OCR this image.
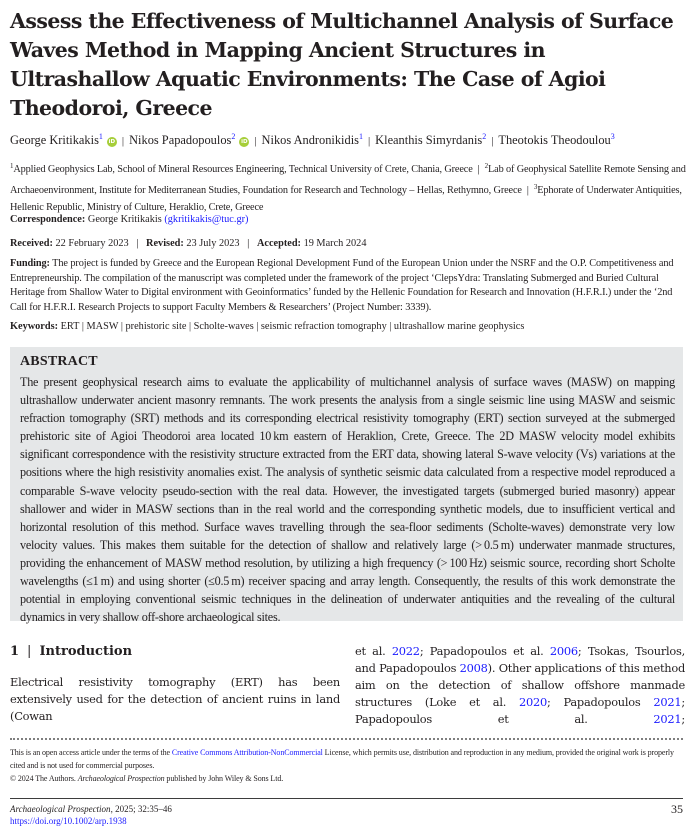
Assess the Effectiveness of Multichannel Analysis of Surface Waves Method in Mapping Ancient Structures in Ultrashallow Aquatic Environments: The Case of Agioi Theodoroi, Greece
George Kritikakis$^1$iD | Nikos Papadopoulos$^2$iD | Nikos Andronikidis$^1$ | Kleanthis Simyrdanis$^2$ | Theotokis Theodoulou$^3$
$^1$Applied Geophysics Lab, School of Mineral Resources Engineering, Technical University of Crete, Chania, Greece | $^2$Lab of Geophysical Satellite Remote Sensing and Archaeoenvironment, Institute for Mediterranean Studies, Foundation for Research and Technology – Hellas, Rethymno, Greece | $^3$Ephorate of Underwater Antiquities, Hellenic Republic, Ministry of Culture, Heraklio, Crete, Greece
Correspondence: George Kritikakis (gkritikakis@tuc.gr)
Received: 22 February 2023 | Revised: 23 July 2023 | Accepted: 19 March 2024
Funding: The project is funded by Greece and the European Regional Development Fund of the European Union under the NSRF and the O.P. Competitiveness and Entrepreneurship. The compilation of the manuscript was completed under the framework of the project ‘ClepsYdra: Translating Submerged and Buried Cultural Heritage from Shallow Water to Digital environment with Geoinformatics’ funded by the Hellenic Foundation for Research and Innovation (H.F.R.I.) under the ‘2nd Call for H.F.R.I. Research Projects to support Faculty Members & Researchers’ (Project Number: 3339).
Keywords: ERT | MASW | prehistoric site | Scholte-waves | seismic refraction tomography | ultrashallow marine geophysics
ABSTRACT
The present geophysical research aims to evaluate the applicability of multichannel analysis of surface waves (MASW) on mapping ultrashallow underwater ancient masonry remnants. The work presents the analysis from a single seismic line using MASW and seismic refraction tomography (SRT) methods and its corresponding electrical resistivity tomography (ERT) section surveyed at the submerged prehistoric site of Agioi Theodoroi area located 10 km eastern of Heraklion, Crete, Greece. The 2D MASW velocity model exhibits significant correspondence with the resistivity structure extracted from the ERT data, showing lateral S-wave velocity (Vs) variations at the positions where the high resistivity anomalies exist. The analysis of synthetic seismic data calculated from a respective model reproduced a comparable S-wave velocity pseudo-section with the real data. However, the investigated targets (submerged buried masonry) appear shallower and wider in MASW sections than in the real world and the corresponding synthetic models, due to insufficient vertical and horizontal resolution of this method. Surface waves travelling through the sea-floor sediments (Scholte-waves) demonstrate very low velocity values. This makes them suitable for the detection of shallow and relatively large (> 0.5 m) underwater manmade structures, providing the enhancement of MASW method resolution, by utilizing a high frequency (> 100 Hz) seismic source, recording short Scholte wavelengths (≤1 m) and using shorter (≤0.5 m) receiver spacing and array length. Consequently, the results of this work demonstrate the potential in employing conventional seismic techniques in the delineation of underwater antiquities and the revealing of the cultural dynamics in very shallow off-shore archaeological sites.
1 | Introduction
Electrical resistivity tomography (ERT) has been extensively used for the detection of ancient ruins in land (Cowan
et al. 2022; Papadopoulos et al. 2006; Tsokas, Tsourlos, and Papadopoulos 2008). Other applications of this method aim on the detection of shallow offshore manmade structures (Loke et al. 2020; Papadopoulos 2021; Papadopoulos et al. 2021;
This is an open access article under the terms of the Creative Commons Attribution-NonCommercial License, which permits use, distribution and reproduction in any medium, provided the original work is properly cited and is not used for commercial purposes.
© 2024 The Authors. Archaeological Prospection published by John Wiley & Sons Ltd.
Archaeological Prospection, 2025; 32:35–46
https://doi.org/10.1002/arp.1938
35
